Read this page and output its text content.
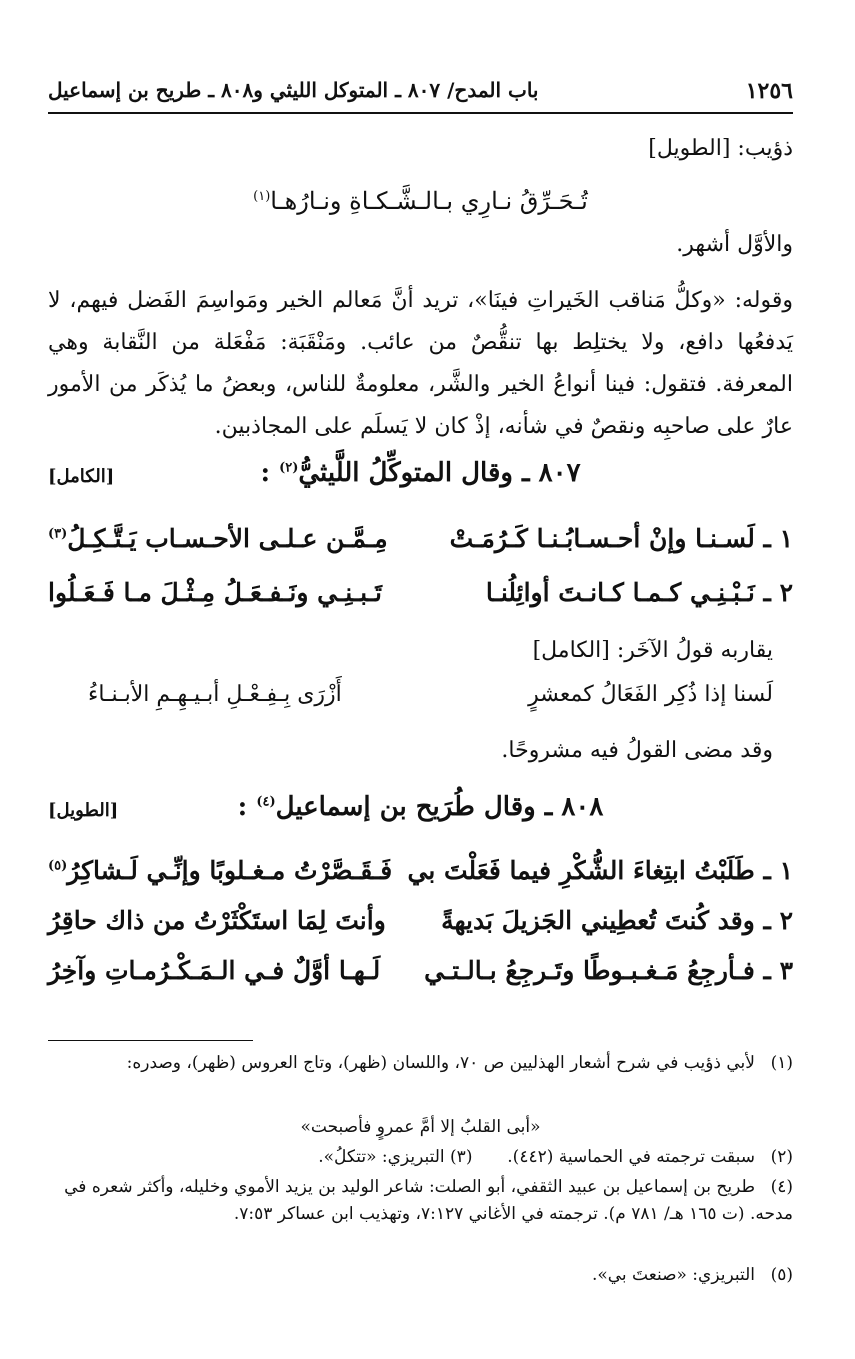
١٢٥٦
باب المدح/ ٨٠٧ ـ المتوكل الليثي و٨٠٨ ـ طريح بن إسماعيل
ذؤيب: [الطويل]
تُـحَـرِّقُ نـارِي بـالـشَّـكـاةِ ونـارُهـا$^{(١)}$
والأوَّل أشهر.
وقوله: «وكلُّ مَناقب الخَيراتِ فينَا»، تريد أنَّ مَعالم الخير ومَواسِمَ الفَضل فيهم، لا يَدفعُها دافع، ولا يختلِط بها تنقُّصٌ من عائب. ومَنْقَبَة: مَفْعَلة من النَّقابة وهي المعرفة. فتقول: فينا أنواعُ الخير والشَّر، معلومةٌ للناس، وبعضُ ما يُذكَر من الأمور عارٌ على صاحبِه ونقصٌ في شأنه، إذْ كان لا يَسلَم على المجاذبين.
٨٠٧ ـ وقال المتوكِّلُ اللَّيثيُّ$^{(٢)}$ :
[الكامل]
١ ـ لَسـنـا وإنْ أحـسـابُـنـا كَـرُمَـتْ
مِـمَّـن عـلـى الأحـسـاب يَـتَّـكِـلُ$^{(٣)}$
٢ ـ نَـبْـنِـي كـمـا كـانـتَ أوائِلُنـا
تَـبـنِـي ونَـفـعَـلُ مِـثْـلَ مـا فَـعَـلُوا
يقاربه قولُ الآخَر: [الكامل]
لَسنا إذا ذُكِر الفَعَالُ كمعشرٍ
أَزْرَى بِـفِـعْـلِ أبـيـهِـمِ الأبـنـاءُ
وقد مضى القولُ فيه مشروحًا.
٨٠٨ ـ وقال طُرَيح بن إسماعيل$^{(٤)}$ :
[الطويل]
١ ـ طَلَبْتُ ابتِغاءَ الشُّكْرِ فيما فَعَلْتَ بي
فَـقَـصَّرْتُ مـغـلوبًا وإنِّـي لَـشاكِرُ$^{(٥)}$
٢ ـ وقد كُنتَ تُعطِيني الجَزيلَ بَديهةً
وأنتَ لِمَا استَكْثَرْتُ من ذاك حاقِرُ
٣ ـ فـأرجِعُ مَـغـبـوطًا وتَـرجِعُ بـالـتـي
لَـهـا أوَّلٌ فـي الـمَـكْـرُمـاتِ وآخِرُ
(١)لأبي ذؤيب في شرح أشعار الهذليين ص ٧٠، واللسان (ظهر)، وتاج العروس (ظهر)، وصدره:
«أبى القلبُ إلا أمَّ عمروٍ فأصبحت»
(٢)سبقت ترجمته في الحماسية (٤٤٢).  (٣) التبريزي: «تتكلُ».
(٤)طريح بن إسماعيل بن عبيد الثقفي، أبو الصلت: شاعر الوليد بن يزيد الأموي وخليله، وأكثر شعره في مدحه. (ت ١٦٥ هـ/ ٧٨١ م). ترجمته في الأغاني ٧:١٢٧، وتهذيب ابن عساكر ٧:٥٣.
(٥)التبريزي: «صنعتَ بي».
